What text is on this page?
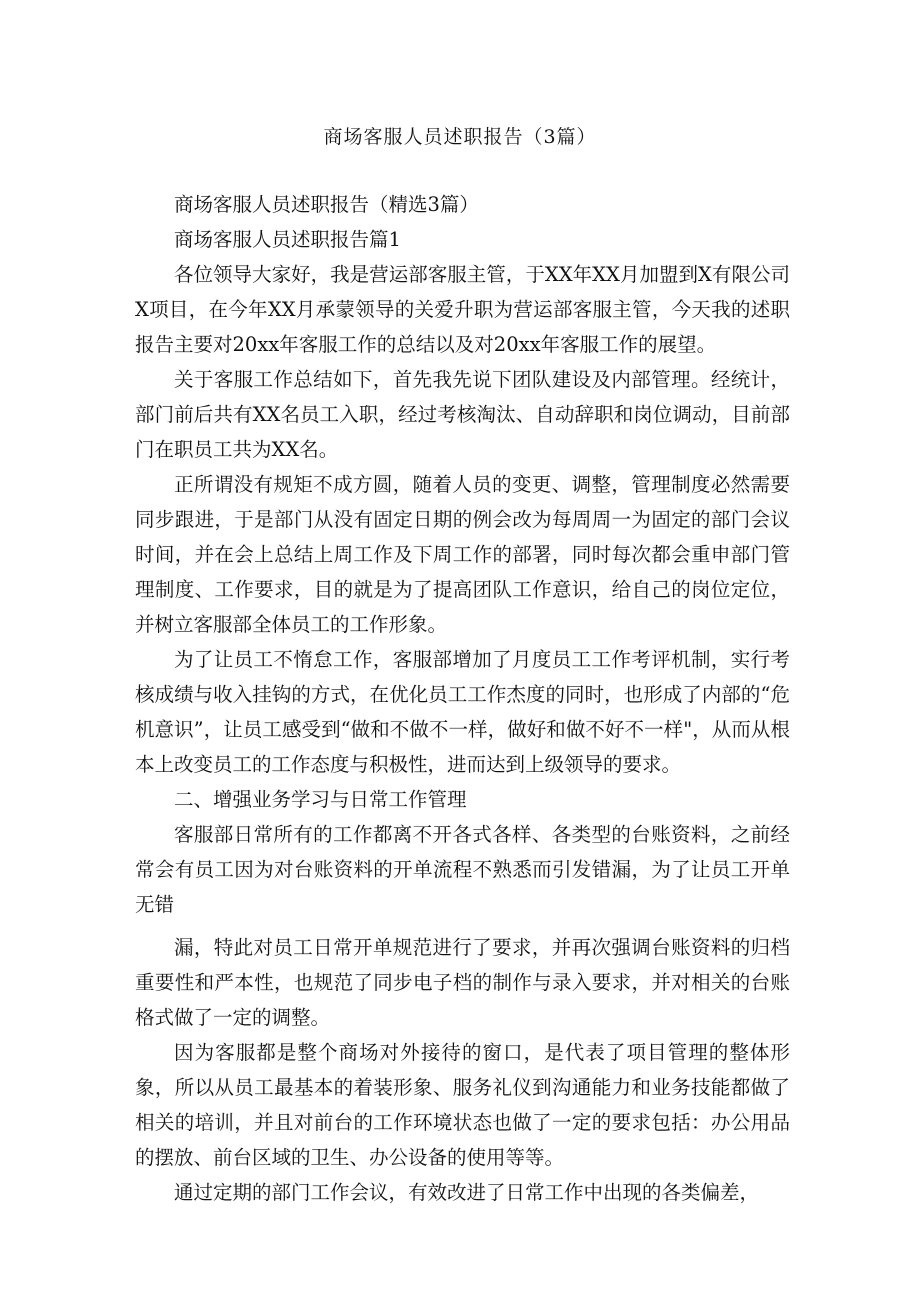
商场客服人员述职报告（3篇）

商场客服人员述职报告（精选3篇）

商场客服人员述职报告篇1

各位领导大家好，我是营运部客服主管，于XX年XX月加盟到X有限公司X项目，在今年XX月承蒙领导的关爱升职为营运部客服主管，今天我的述职报告主要对20xx年客服工作的总结以及对20xx年客服工作的展望。

关于客服工作总结如下，首先我先说下团队建设及内部管理。经统计，部门前后共有XX名员工入职，经过考核淘汰、自动辞职和岗位调动，目前部门在职员工共为XX名。

正所谓没有规矩不成方圆，随着人员的变更、调整，管理制度必然需要同步跟进，于是部门从没有固定日期的例会改为每周周一为固定的部门会议时间，并在会上总结上周工作及下周工作的部署，同时每次都会重申部门管理制度、工作要求，目的就是为了提高团队工作意识，给自己的岗位定位，并树立客服部全体员工的工作形象。

为了让员工不惰怠工作，客服部增加了月度员工工作考评机制，实行考核成绩与收入挂钩的方式，在优化员工工作杰度的同时，也形成了内部的“危机意识”，让员工感受到“做和不做不一样，做好和做不好不一样"，从而从根本上改变员工的工作态度与积极性，进而达到上级领导的要求。

二、增强业务学习与日常工作管理

客服部日常所有的工作都离不开各式各样、各类型的台账资料，之前经常会有员工因为对台账资料的开单流程不熟悉而引发错漏，为了让员工开单无错

漏，特此对员工日常开单规范进行了要求，并再次强调台账资料的归档重要性和严本性，也规范了同步电子档的制作与录入要求，并对相关的台账格式做了一定的调整。

因为客服都是整个商场对外接待的窗口，是代表了项目管理的整体形象，所以从员工最基本的着装形象、服务礼仪到沟通能力和业务技能都做了相关的培训，并且对前台的工作环境状态也做了一定的要求包括：办公用品的摆放、前台区域的卫生、办公设备的使用等等。

通过定期的部门工作会议，有效改进了日常工作中出现的各类偏差，
